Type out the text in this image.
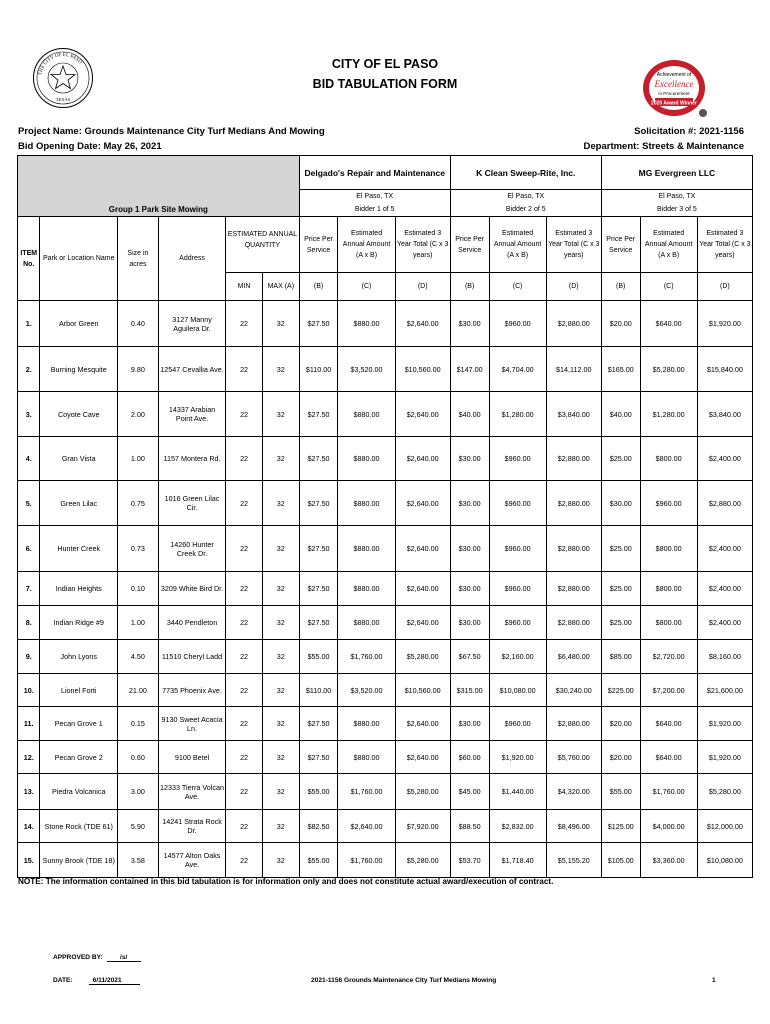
THE CITY OF EL PASO
TEXAS
Achievement of
Excellence
in Procurement
2020 Award Winner
CITY OF EL PASO
BID TABULATION FORM
Project Name: Grounds Maintenance City Turf Medians And Mowing
Bid Opening Date: May 26, 2021
Solicitation #: 2021-1156
Department: Streets & Maintenance
						Delgado's Repair and Maintenance			K Clean Sweep-Rite, Inc.			MG Evergreen LLC		
						El Paso, TX			El Paso, TX			El Paso, TX		
Group 1 Park Site Mowing						Bidder 1 of 5			Bidder 2 of 5			Bidder 3 of 5		
ITEM No.	Park or Location Name	Size in acres	Address	ESTIMATED ANNUAL QUANTITY		Price Per Service	Estimated Annual Amount (A x B)	Estimated 3 Year Total (C x 3 years)	Price Per Service	Estimated Annual Amount (A x B)	Estimated 3 Year Total (C x 3 years)	Price Per Service	Estimated Annual Amount (A x B)	Estimated 3 Year Total (C x 3 years)
				MIN	MAX (A)	(B)	(C)	(D)	(B)	(C)	(D)	(B)	(C)	(D)
1.	Arbor Green	0.40	3127 Manny Aguilera Dr.	22	32	$27.50	$880.00	$2,640.00	$30.00	$960.00	$2,880.00	$20.00	$640.00	$1,920.00
2.	Burning Mesquite	9.80	12547 Cevallia Ave.	22	32	$110.00	$3,520.00	$10,560.00	$147.00	$4,704.00	$14,112.00	$165.00	$5,280.00	$15,840.00
3.	Coyote Cave	2.00	14337 Arabian Point Ave.	22	32	$27.50	$880.00	$2,640.00	$40.00	$1,280.00	$3,840.00	$40.00	$1,280.00	$3,840.00
4.	Gran Vista	1.00	1157 Montera Rd.	22	32	$27.50	$880.00	$2,640.00	$30.00	$960.00	$2,880.00	$25.00	$800.00	$2,400.00
5.	Green Lilac	0.75	1016 Green Lilac Cir.	22	32	$27.50	$880.00	$2,640.00	$30.00	$960.00	$2,880.00	$30.00	$960.00	$2,880.00
6.	Hunter Creek	0.73	14260 Hunter Creek Dr.	22	32	$27.50	$880.00	$2,640.00	$30.00	$960.00	$2,880.00	$25.00	$800.00	$2,400.00
7.	Indian Heights	0.10	3209 White Bird Dr.	22	32	$27.50	$880.00	$2,640.00	$30.00	$960.00	$2,880.00	$25.00	$800.00	$2,400.00
8.	Indian Ridge #9	1.00	3440 Pendleton	22	32	$27.50	$880.00	$2,640.00	$30.00	$960.00	$2,880.00	$25.00	$800.00	$2,400.00
9.	John Lyons	4.50	11510 Cheryl Ladd	22	32	$55.00	$1,760.00	$5,280.00	$67.50	$2,160.00	$6,480.00	$85.00	$2,720.00	$8,160.00
10.	Lionel Forti	21.00	7735 Phoenix Ave.	22	32	$110.00	$3,520.00	$10,560.00	$315.00	$10,080.00	$30,240.00	$225.00	$7,200.00	$21,600.00
11.	Pecan Grove 1	0.15	9130 Sweet Acacia Ln.	22	32	$27.50	$880.00	$2,640.00	$30.00	$960.00	$2,880.00	$20.00	$640.00	$1,920.00
12.	Pecan Grove 2	0.60	9100 Betel	22	32	$27.50	$880.00	$2,640.00	$60.00	$1,920.00	$5,760.00	$20.00	$640.00	$1,920.00
13.	Piedra Volcanica	3.00	12333 Tierra Volcan Ave.	22	32	$55.00	$1,760.00	$5,280.00	$45.00	$1,440.00	$4,320.00	$55.00	$1,760.00	$5,280.00
14.	Stone Rock (TDE 61)	5.90	14241 Strata Rock Dr.	22	32	$82.50	$2,640.00	$7,920.00	$88.50	$2,832.00	$8,496.00	$125.00	$4,000.00	$12,000.00
15.	Sunny Brook (TDE 18)	3.58	14577 Alton Oaks Ave.	22	32	$55.00	$1,760.00	$5,280.00	$53.70	$1,718.40	$5,155.20	$105.00	$3,360.00	$10,080.00
NOTE: The information contained in this bid tabulation is for information only and does not constitute actual award/execution of contract.
APPROVED BY:	/s/
DATE:	6/11/2021	2021-1156 Grounds Maintenance City Turf Medians Mowing	1
